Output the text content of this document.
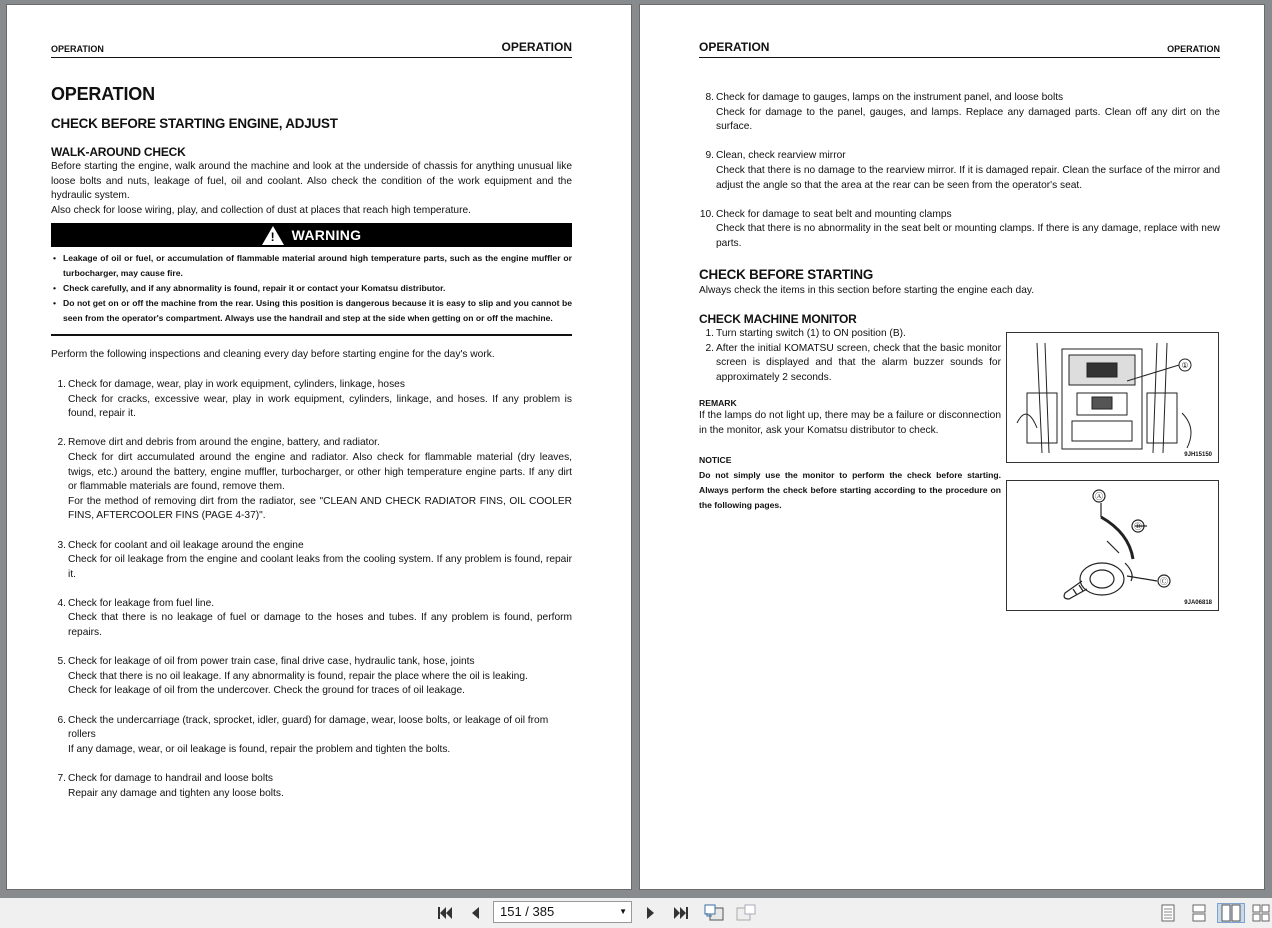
OPERATION	OPERATION
OPERATION
CHECK BEFORE STARTING ENGINE, ADJUST
WALK-AROUND CHECK

Before starting the engine, walk around the machine and look at the underside of chassis for anything unusual like loose bolts and nuts, leakage of fuel, oil and coolant. Also check the condition of the work equipment and the hydraulic system.

Also check for loose wiring, play, and collection of dust at places that reach high temperature.

! WARNING
• Leakage of oil or fuel, or accumulation of flammable material around high temperature parts, such as the engine muffler or turbocharger, may cause fire.
• Check carefully, and if any abnormality is found, repair it or contact your Komatsu distributor.
• Do not get on or off the machine from the rear. Using this position is dangerous because it is easy to slip and you cannot be seen from the operator's compartment. Always use the handrail and step at the side when getting on or off the machine.

Perform the following inspections and cleaning every day before starting engine for the day's work.

1. Check for damage, wear, play in work equipment, cylinders, linkage, hoses

Check for cracks, excessive wear, play in work equipment, cylinders, linkage, and hoses. If any problem is found, repair it.

2. Remove dirt and debris from around the engine, battery, and radiator.

Check for dirt accumulated around the engine and radiator. Also check for flammable material (dry leaves, twigs, etc.) around the battery, engine muffler, turbocharger, or other high temperature engine parts. If any dirt or flammable materials are found, remove them.

For the method of removing dirt from the radiator, see "CLEAN AND CHECK RADIATOR FINS, OIL COOLER FINS, AFTERCOOLER FINS (PAGE 4-37)".

3. Check for coolant and oil leakage around the engine

Check for oil leakage from the engine and coolant leaks from the cooling system. If any problem is found, repair it.

4. Check for leakage from fuel line.

Check that there is no leakage of fuel or damage to the hoses and tubes. If any problem is found, perform repairs.

5. Check for leakage of oil from power train case, final drive case, hydraulic tank, hose, joints

Check that there is no oil leakage. If any abnormality is found, repair the place where the oil is leaking.

Check for leakage of oil from the undercover. Check the ground for traces of oil leakage.

6. Check the undercarriage (track, sprocket, idler, guard) for damage, wear, loose bolts, or leakage of oil from rollers

If any damage, wear, or oil leakage is found, repair the problem and tighten the bolts.

7. Check for damage to handrail and loose bolts

Repair any damage and tighten any loose bolts.

OPERATION	OPERATION
8. Check for damage to gauges, lamps on the instrument panel, and loose bolts

Check for damage to the panel, gauges, and lamps. Replace any damaged parts. Clean off any dirt on the surface.

9. Clean, check rearview mirror

Check that there is no damage to the rearview mirror. If it is damaged repair. Clean the surface of the mirror and adjust the angle so that the area at the rear can be seen from the operator's seat.

10. Check for damage to seat belt and mounting clamps

Check that there is no abnormality in the seat belt or mounting clamps. If there is any damage, replace with new parts.

CHECK BEFORE STARTING

Always check the items in this section before starting the engine each day.

CHECK MACHINE MONITOR
1. Turn starting switch (1) to ON position (B).

2. After the initial KOMATSU screen, check that the basic monitor screen is displayed and that the alarm buzzer sounds for approximately 2 seconds.

REMARK

If the lamps do not light up, there may be a failure or disconnection in the monitor, ask your Komatsu distributor to check.

NOTICE

Do not simply use the monitor to perform the check before starting. Always perform the check before starting according to the procedure on the following pages.

①
9JH15150
Ⓐ
Ⓑ
Ⓒ
9JA06818
151 / 385	▼
